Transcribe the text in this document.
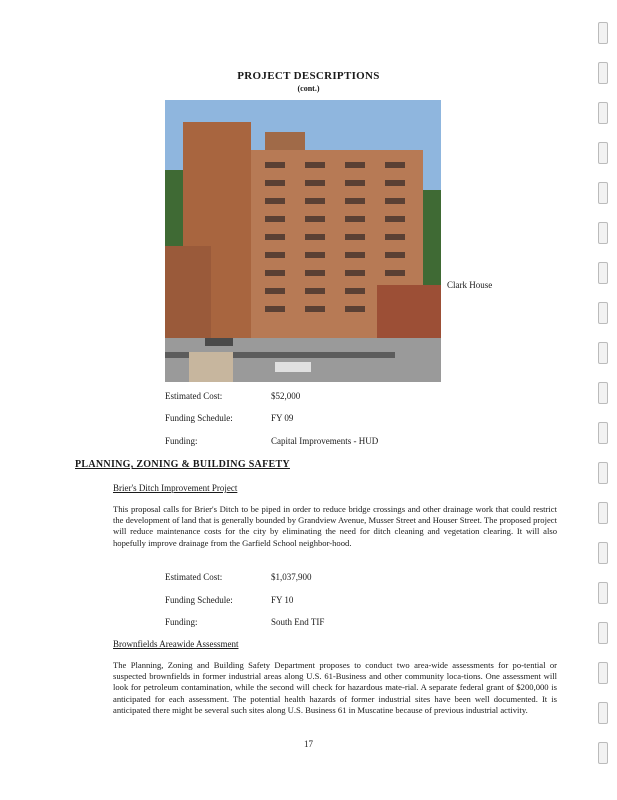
PROJECT DESCRIPTIONS
(cont.)
Clark House
Estimated Cost:	$52,000
Funding Schedule:	FY 09
Funding:	Capital Improvements - HUD
PLANNING, ZONING & BUILDING SAFETY
Brier's Ditch Improvement Project
This proposal calls for Brier's Ditch to be piped in order to reduce bridge crossings and other drainage work that could restrict the development of land that is generally bounded by Grandview Avenue, Musser Street and Houser Street. The proposed project will reduce maintenance costs for the city by eliminating the need for ditch cleaning and vegetation clearing. It will also hopefully improve drainage from the Garfield School neighbor-hood.
Estimated Cost:	$1,037,900
Funding Schedule:	FY 10
Funding:	South End TIF
Brownfields Areawide Assessment
The Planning, Zoning and Building Safety Department proposes to conduct two area-wide assessments for po-tential or suspected brownfields in former industrial areas along U.S. 61-Business and other community loca-tions. One assessment will look for petroleum contamination, while the second will check for hazardous mate-rial. A separate federal grant of $200,000 is anticipated for each assessment. The potential health hazards of former industrial sites have been well documented. It is anticipated there might be several such sites along U.S. Business 61 in Muscatine because of previous industrial activity.
17
